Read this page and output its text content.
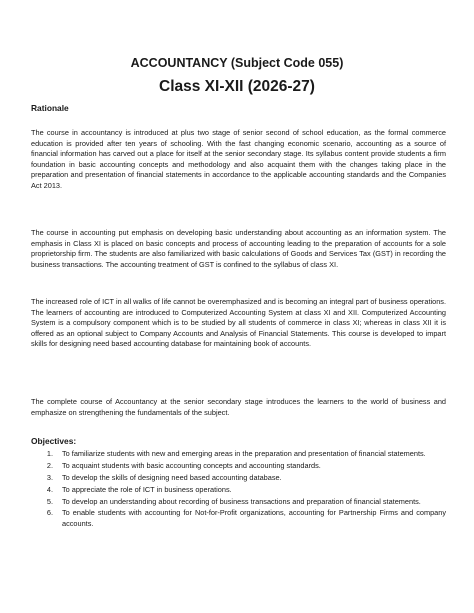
ACCOUNTANCY (Subject Code 055)
Class XI-XII (2026-27)
Rationale

The course in accountancy is introduced at plus two stage of senior second of school education, as the formal commerce education is provided after ten years of schooling. With the fast changing economic scenario, accounting as a source of financial information has carved out a place for itself at the senior secondary stage. Its syllabus content provide students a firm foundation in basic accounting concepts and methodology and also acquaint them with the changes taking place in the preparation and presentation of financial statements in accordance to the applicable accounting standards and the Companies Act 2013.

The course in accounting put emphasis on developing basic understanding about accounting as an information system. The emphasis in Class XI is placed on basic concepts and process of accounting leading to the preparation of accounts for a sole proprietorship firm. The students are also familiarized with basic calculations of Goods and Services Tax (GST) in recording the business transactions. The accounting treatment of GST is confined to the syllabus of class XI.

The increased role of ICT in all walks of life cannot be overemphasized and is becoming an integral part of business operations. The learners of accounting are introduced to Computerized Accounting System at class XI and XII. Computerized Accounting System is a compulsory component which is to be studied by all students of commerce in class XI; whereas in class XII it is offered as an optional subject to Company Accounts and Analysis of Financial Statements. This course is developed to impart skills for designing need based accounting database for maintaining book of accounts.

The complete course of Accountancy at the senior secondary stage introduces the learners to the world of business and emphasize on strengthening the fundamentals of the subject.

Objectives:
1.	To familiarize students with new and emerging areas in the preparation and presentation of financial statements.
2.	To acquaint students with basic accounting concepts and accounting standards.
3.	To develop the skills of designing need based accounting database.
4.	To appreciate the role of ICT in business operations.
5.	To develop an understanding about recording of business transactions and preparation of financial statements.
6.	To enable students with accounting for Not-for-Profit organizations, accounting for Partnership Firms and company accounts.
